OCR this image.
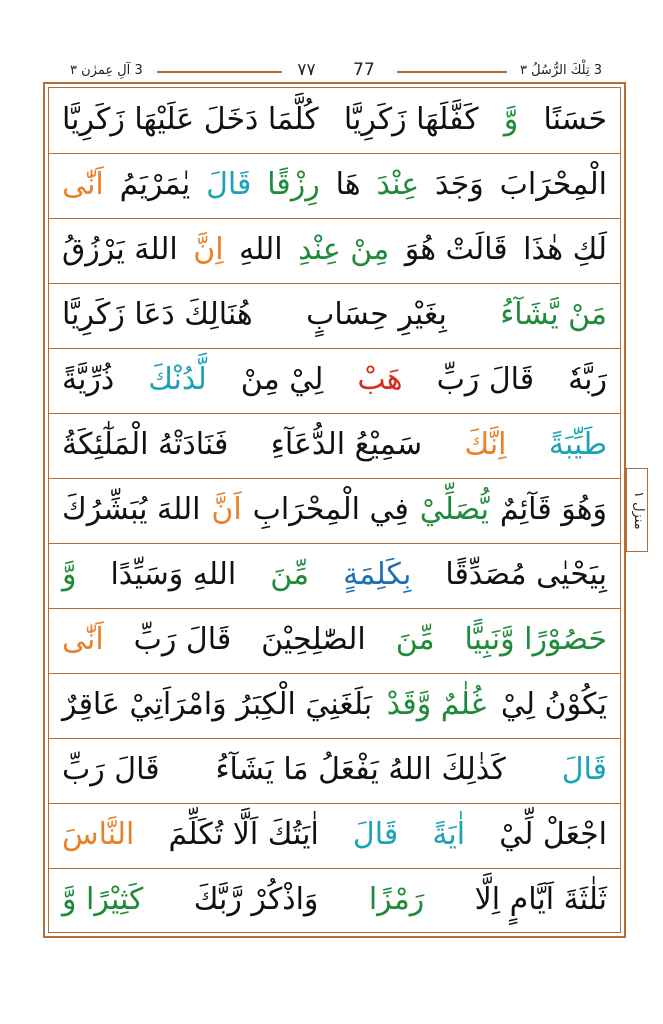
3 تِلْكَ الرُّسُلُ ٣
٧٧ 77
3 آلِ عِمرٰن ٣
منزل ١
حَسَنًا
وَّ
كَفَّلَهَا زَكَرِيَّا
كُلَّمَا دَخَلَ عَلَيْهَا زَكَرِيَّا
الْمِحْرَابَ
وَجَدَ
عِنْدَ
هَا
رِزْقًا
قَالَ
يٰمَرْيَمُ
اَنّٰى
لَكِ هٰذَا
قَالَتْ هُوَ
مِنْ عِنْدِ
اللهِ
اِنَّ
اللهَ يَرْزُقُ
مَنْ يَّشَآءُ
بِغَيْرِ حِسَابٍ
هُنَالِكَ دَعَا زَكَرِيَّا
رَبَّهٗ
قَالَ رَبِّ
هَبْ
لِيْ مِنْ
لَّدُنْكَ
ذُرِّيَّةً
طَيِّبَةً
اِنَّكَ
سَمِيْعُ الدُّعَآءِ
فَنَادَتْهُ الْمَلٰٓئِكَةُ
وَهُوَ قَآئِمٌ
يُّصَلِّيْ
فِي الْمِحْرَابِ
اَنَّ
اللهَ يُبَشِّرُكَ
بِيَحْيٰى مُصَدِّقًا
بِكَلِمَةٍ
مِّنَ
اللهِ وَسَيِّدًا
وَّ
حَصُوْرًا وَّنَبِيًّا
مِّنَ
الصّٰلِحِيْنَ
قَالَ رَبِّ
اَنّٰى
يَكُوْنُ لِيْ
غُلٰمٌ وَّقَدْ
بَلَغَنِيَ الْكِبَرُ وَامْرَاَتِيْ عَاقِرٌ
قَالَ
كَذٰلِكَ اللهُ يَفْعَلُ مَا يَشَآءُ
قَالَ رَبِّ
اجْعَلْ لِّيْ
اٰيَةً
قَالَ
اٰيَتُكَ اَلَّا تُكَلِّمَ
النَّاسَ
ثَلٰثَةَ اَيَّامٍ اِلَّا
رَمْزًا
وَاذْكُرْ رَّبَّكَ
كَثِيْرًا وَّ
